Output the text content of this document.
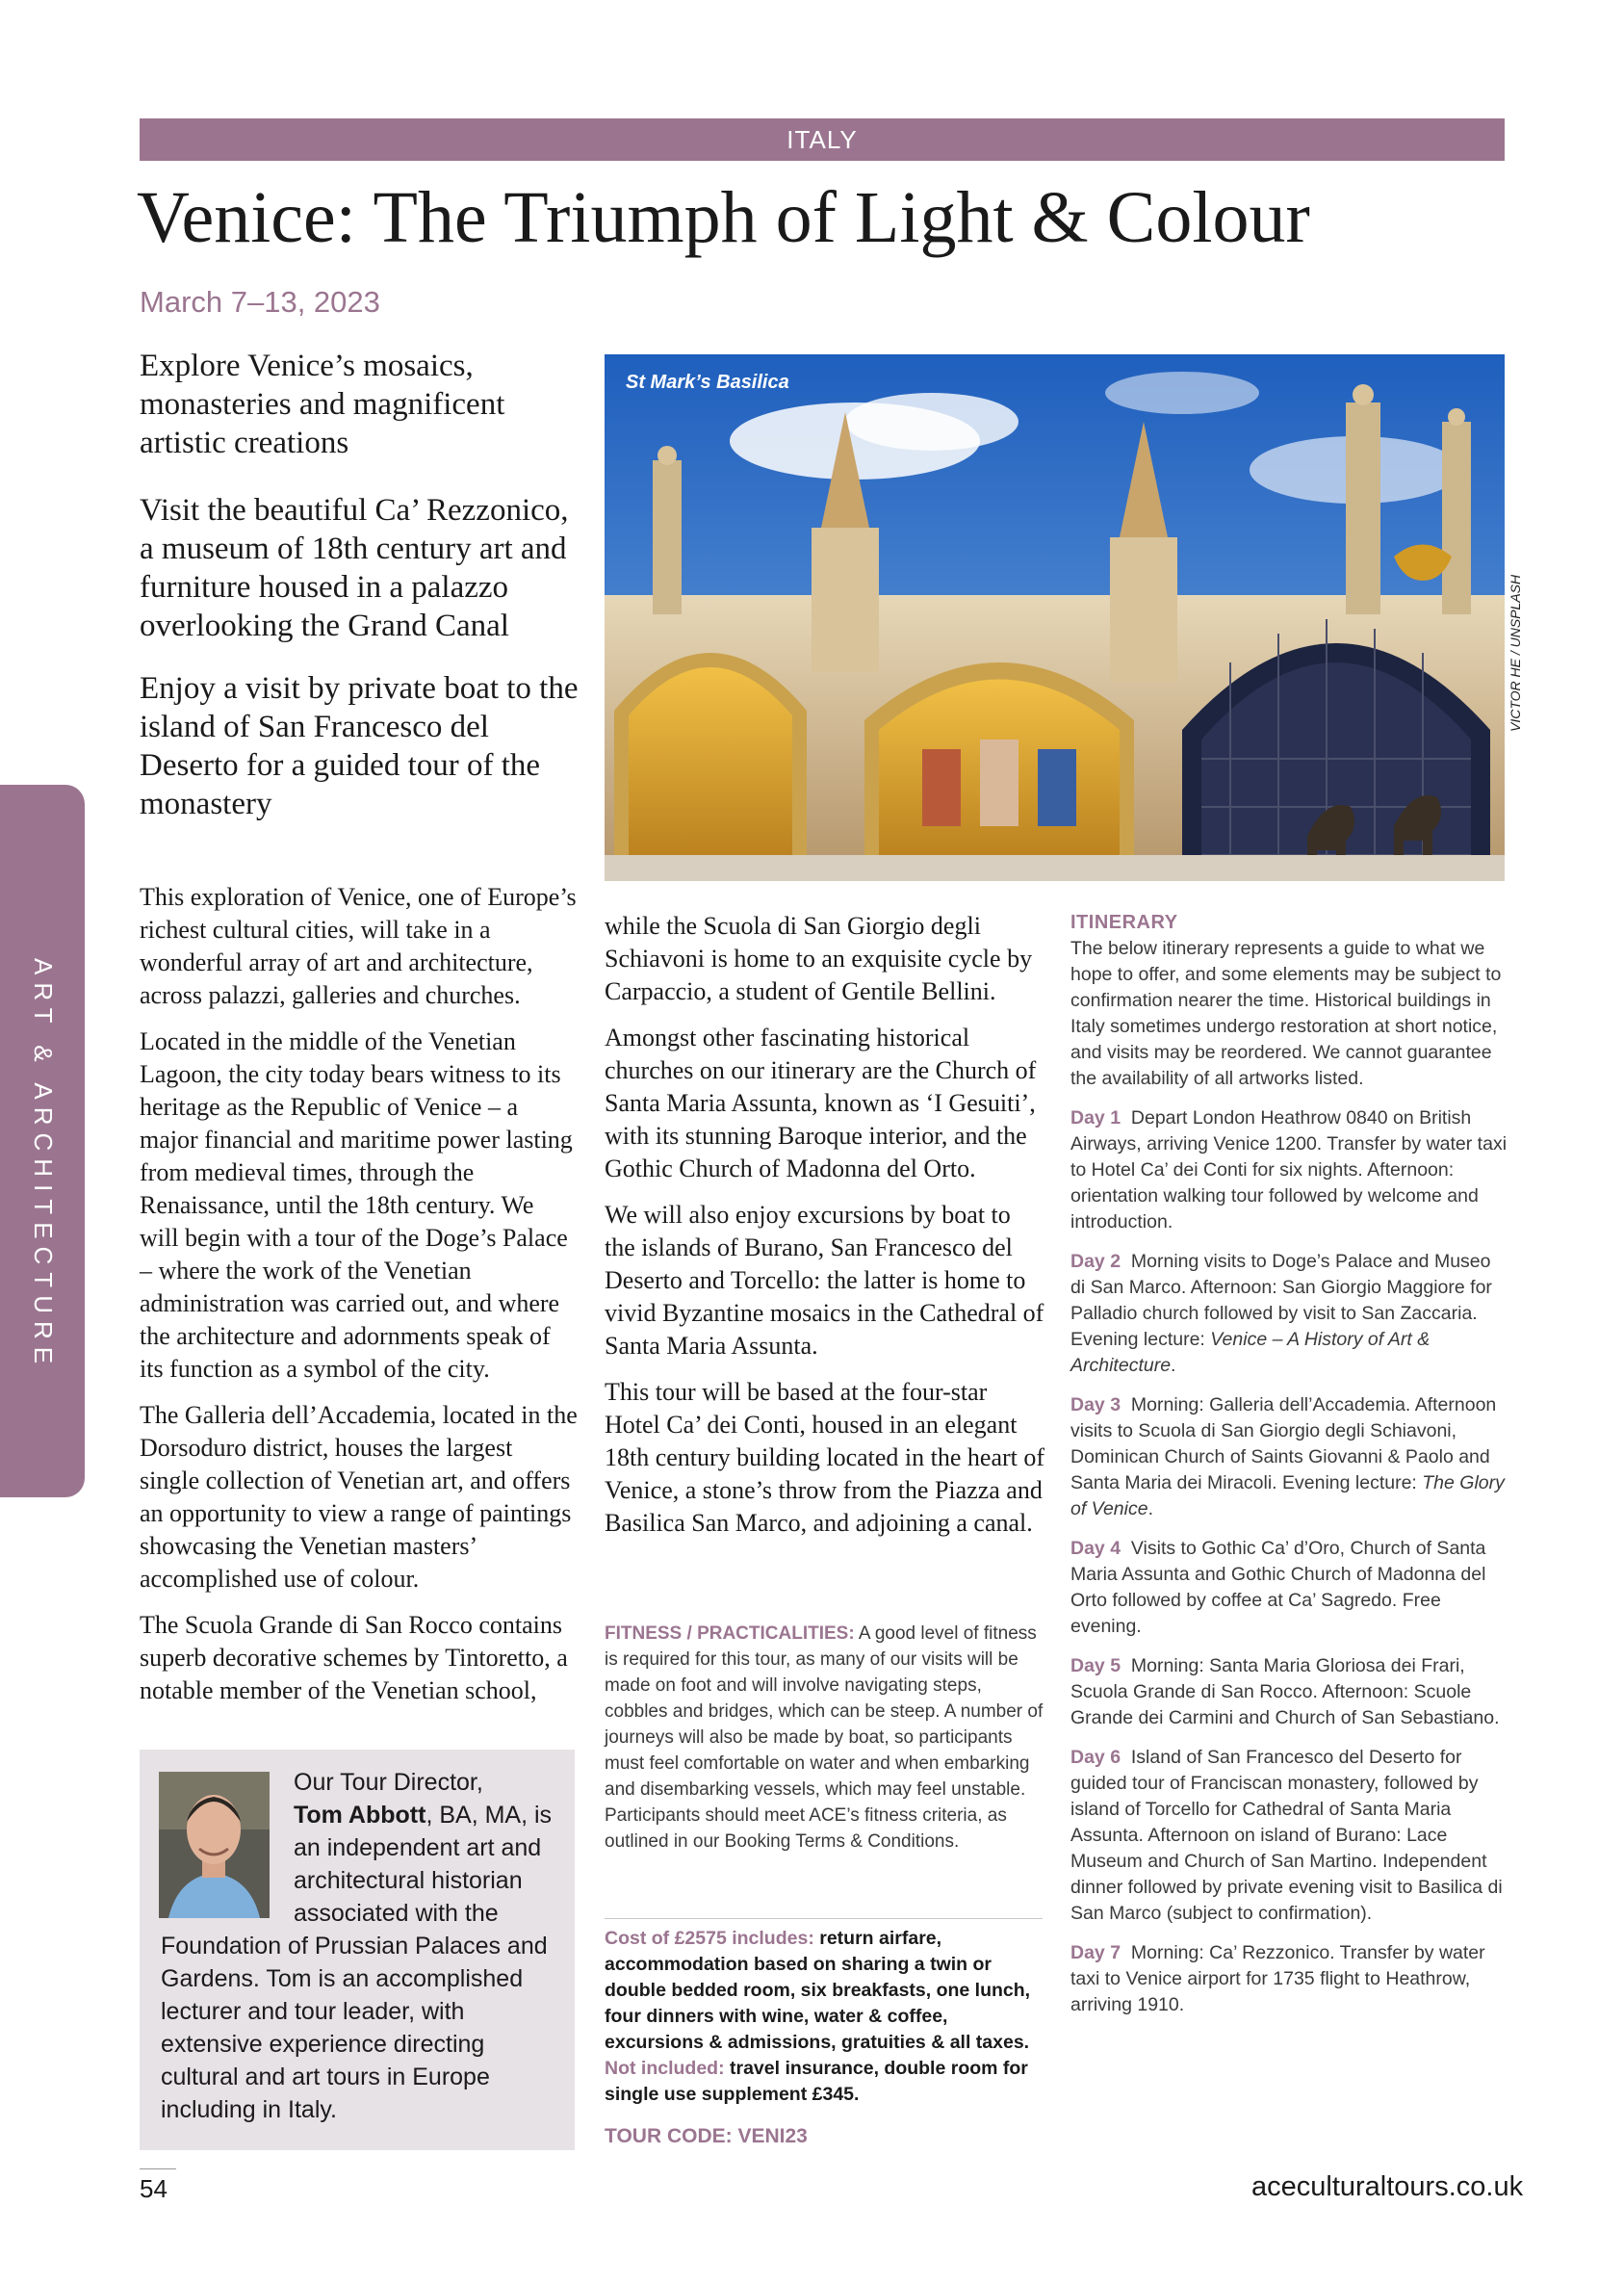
ITALY
Venice: The Triumph of Light & Colour
March 7–13, 2023
ART & ARCHITECTURE

Explore Venice’s mosaics, monasteries and magnificent artistic creations

Visit the beautiful Ca’ Rezzonico, a museum of 18th century art and furniture housed in a palazzo overlooking the Grand Canal

Enjoy a visit by private boat to the island of San Francesco del Deserto for a guided tour of the monastery

St Mark’s Basilica
VICTOR HE / UNSPLASH

This exploration of Venice, one of Europe’s richest cultural cities, will take in a wonderful array of art and architecture, across palazzi, galleries and churches.

Located in the middle of the Venetian Lagoon, the city today bears witness to its heritage as the Republic of Venice – a major financial and maritime power lasting from medieval times, through the Renaissance, until the 18th century. We will begin with a tour of the Doge’s Palace – where the work of the Venetian administration was carried out, and where the architecture and adornments speak of its function as a symbol of the city.

The Galleria dell’Accademia, located in the Dorsoduro district, houses the largest single collection of Venetian art, and offers an opportunity to view a range of paintings showcasing the Venetian masters’ accomplished use of colour.

The Scuola Grande di San Rocco contains superb decorative schemes by Tintoretto, a notable member of the Venetian school,

while the Scuola di San Giorgio degli Schiavoni is home to an exquisite cycle by Carpaccio, a student of Gentile Bellini.

Amongst other fascinating historical churches on our itinerary are the Church of Santa Maria Assunta, known as ‘I Gesuiti’, with its stunning Baroque interior, and the Gothic Church of Madonna del Orto.

We will also enjoy excursions by boat to the islands of Burano, San Francesco del Deserto and Torcello: the latter is home to vivid Byzantine mosaics in the Cathedral of Santa Maria Assunta.

This tour will be based at the four-star Hotel Ca’ dei Conti, housed in an elegant 18th century building located in the heart of Venice, a stone’s throw from the Piazza and Basilica San Marco, and adjoining a canal.

Our Tour Director,
Tom Abbott, BA, MA, is an independent art and architectural historian associated with the Foundation of Prussian Palaces and Gardens. Tom is an accomplished lecturer and tour leader, with extensive experience directing cultural and art tours in Europe including in Italy.
FITNESS / PRACTICALITIES: A good level of fitness is required for this tour, as many of our visits will be made on foot and will involve navigating steps, cobbles and bridges, which can be steep. A number of journeys will also be made by boat, so participants must feel comfortable on water and when embarking and disembarking vessels, which may feel unstable. Participants should meet ACE’s fitness criteria, as outlined in our Booking Terms & Conditions.
Cost of £2575 includes: return airfare, accommodation based on sharing a twin or double bedded room, six breakfasts, one lunch, four dinners with wine, water & coffee, excursions & admissions, gratuities & all taxes. Not included: travel insurance, double room for single use supplement £345.
TOUR CODE: VENI23
ITINERARY

The below itinerary represents a guide to what we hope to offer, and some elements may be subject to confirmation nearer the time. Historical buildings in Italy sometimes undergo restoration at short notice, and visits may be reordered. We cannot guarantee the availability of all artworks listed.

Day 1 Depart London Heathrow 0840 on British Airways, arriving Venice 1200. Transfer by water taxi to Hotel Ca’ dei Conti for six nights. Afternoon: orientation walking tour followed by welcome and introduction.

Day 2 Morning visits to Doge’s Palace and Museo di San Marco. Afternoon: San Giorgio Maggiore for Palladio church followed by visit to San Zaccaria. Evening lecture: Venice – A History of Art & Architecture.

Day 3 Morning: Galleria dell’Accademia. Afternoon visits to Scuola di San Giorgio degli Schiavoni, Dominican Church of Saints Giovanni & Paolo and Santa Maria dei Miracoli. Evening lecture: The Glory of Venice.

Day 4 Visits to Gothic Ca’ d’Oro, Church of Santa Maria Assunta and Gothic Church of Madonna del Orto followed by coffee at Ca’ Sagredo. Free evening.

Day 5 Morning: Santa Maria Gloriosa dei Frari, Scuola Grande di San Rocco. Afternoon: Scuole Grande dei Carmini and Church of San Sebastiano.

Day 6 Island of San Francesco del Deserto for guided tour of Franciscan monastery, followed by island of Torcello for Cathedral of Santa Maria Assunta. Afternoon on island of Burano: Lace Museum and Church of San Martino. Independent dinner followed by private evening visit to Basilica di San Marco (subject to confirmation).

Day 7 Morning: Ca’ Rezzonico. Transfer by water taxi to Venice airport for 1735 flight to Heathrow, arriving 1910.

54	aceculturaltours.co.uk
